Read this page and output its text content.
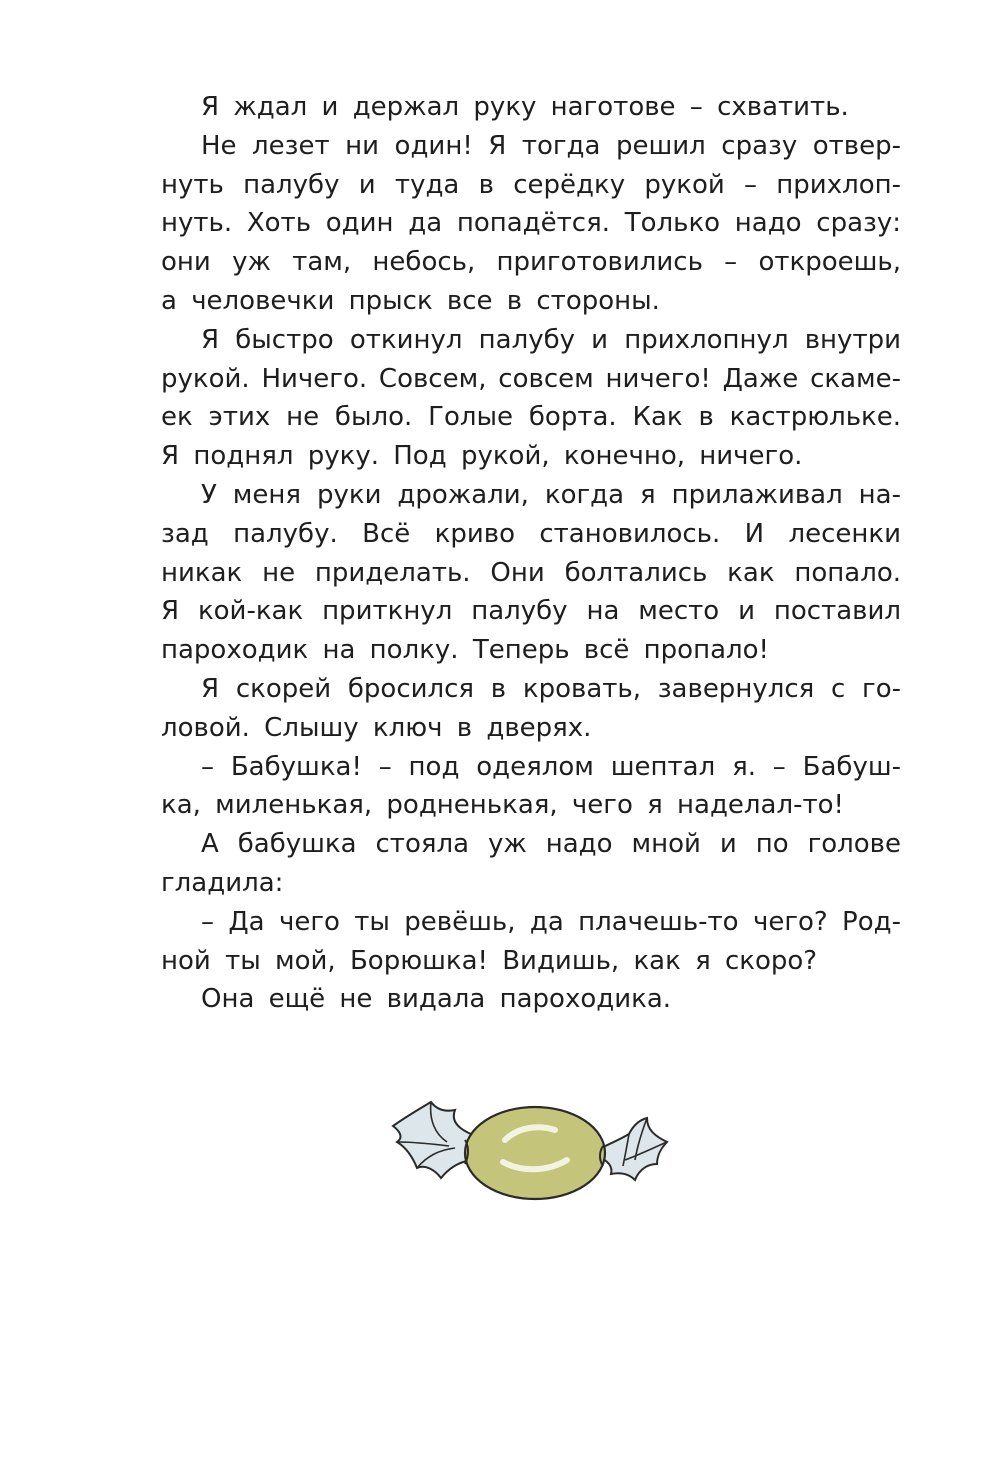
Я ждал и держал руку наготове – схватить.
Не лезет ни один! Я тогда решил сразу отвер-
нуть палубу и туда в серёдку рукой – прихлоп-
нуть. Хоть один да попадётся. Только надо сразу:
они уж там, небось, приготовились – откроешь,
а человечки прыск все в стороны.
Я быстро откинул палубу и прихлопнул внутри
рукой. Ничего. Совсем, совсем ничего! Даже скаме-
ек этих не было. Голые борта. Как в кастрюльке.
Я поднял руку. Под рукой, конечно, ничего.
У меня руки дрожали, когда я прилаживал на-
зад палубу. Всё криво становилось. И лесенки
никак не приделать. Они болтались как попало.
Я кой-как приткнул палубу на место и поставил
пароходик на полку. Теперь всё пропало!
Я скорей бросился в кровать, завернулся с го-
ловой. Слышу ключ в дверях.
– Бабушка! – под одеялом шептал я. – Бабуш-
ка, миленькая, родненькая, чего я наделал-то!
А бабушка стояла уж надо мной и по голове
гладила:
– Да чего ты ревёшь, да плачешь-то чего? Род-
ной ты мой, Борюшка! Видишь, как я скоро?
Она ещё не видала пароходика.
